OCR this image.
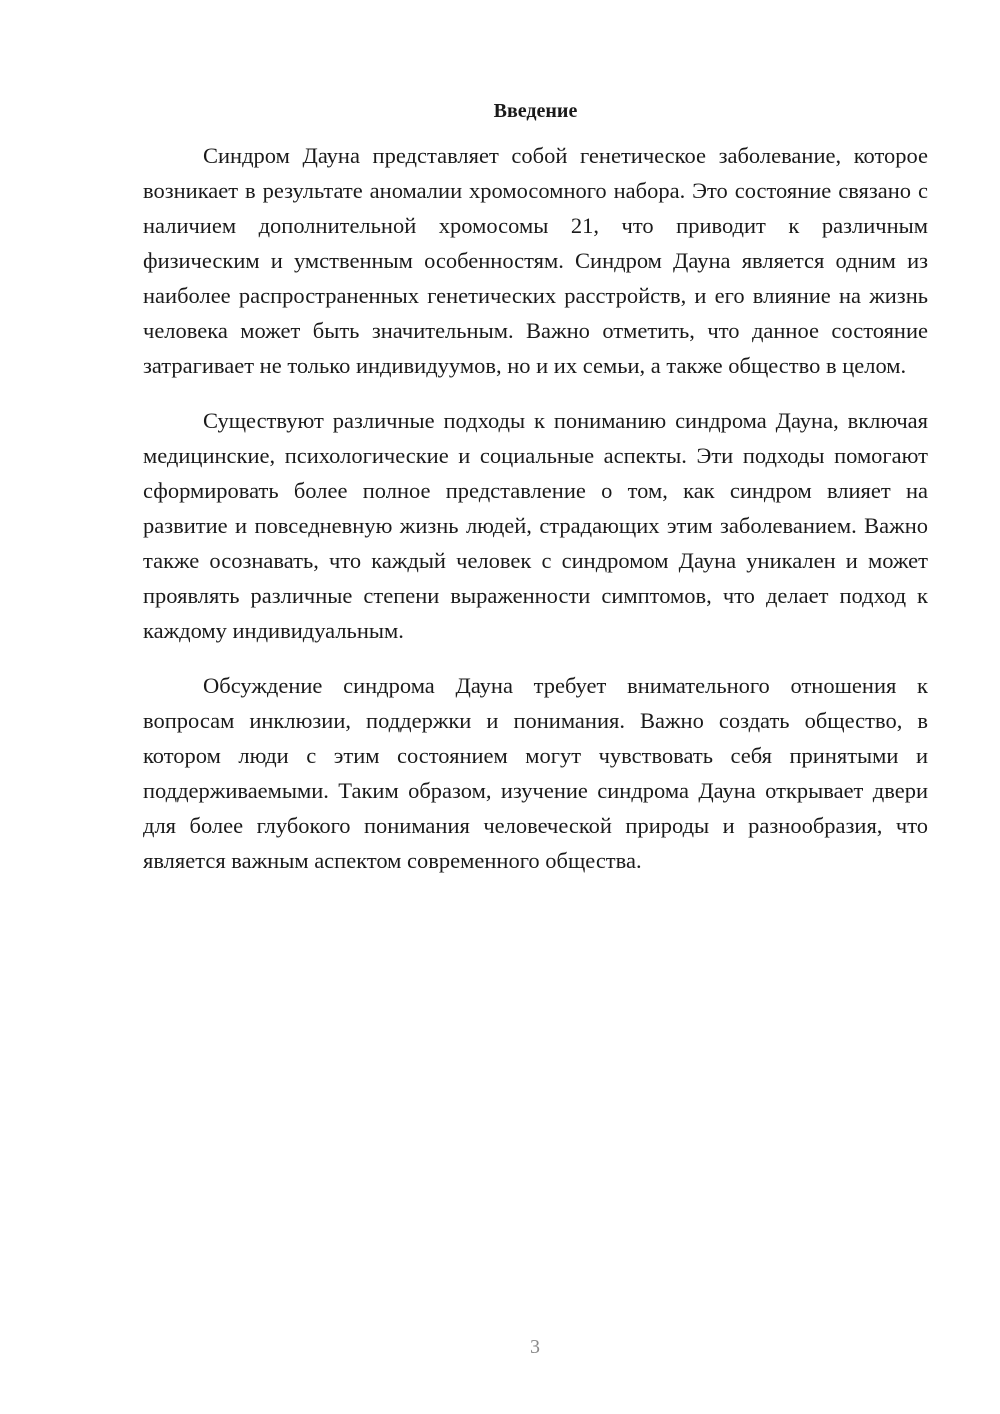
Введение

Синдром Дауна представляет собой генетическое заболевание, которое возникает в результате аномалии хромосомного набора. Это состояние связано с наличием дополнительной хромосомы 21, что приводит к различным физическим и умственным особенностям. Синдром Дауна является одним из наиболее распространенных генетических расстройств, и его влияние на жизнь человека может быть значительным. Важно отметить, что данное состояние затрагивает не только индивидуумов, но и их семьи, а также общество в целом.

Существуют различные подходы к пониманию синдрома Дауна, включая медицинские, психологические и социальные аспекты. Эти подходы помогают сформировать более полное представление о том, как синдром влияет на развитие и повседневную жизнь людей, страдающих этим заболеванием. Важно также осознавать, что каждый человек с синдромом Дауна уникален и может проявлять различные степени выраженности симптомов, что делает подход к каждому индивидуальным.

Обсуждение синдрома Дауна требует внимательного отношения к вопросам инклюзии, поддержки и понимания. Важно создать общество, в котором люди с этим состоянием могут чувствовать себя принятыми и поддерживаемыми. Таким образом, изучение синдрома Дауна открывает двери для более глубокого понимания человеческой природы и разнообразия, что является важным аспектом современного общества.

3
